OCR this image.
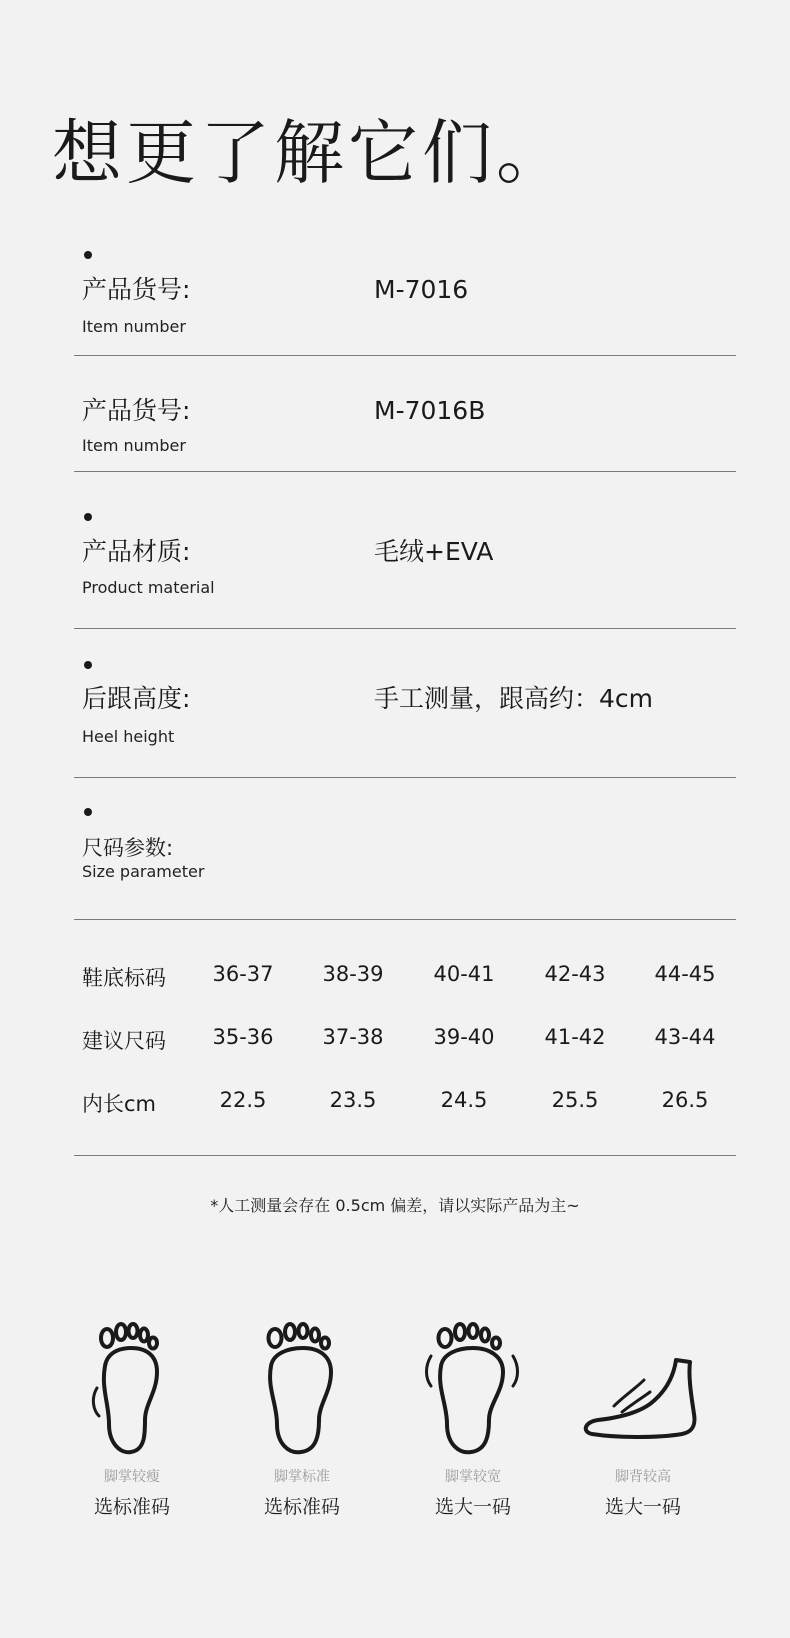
想更了解它们。
产品货号:	M-7016
Item number
产品货号:	M-7016B
Item number
产品材质:	毛绒+EVA
Product material
后跟高度:	手工测量，跟高约：4cm
Heel height
尺码参数:
Size parameter
鞋底标码	36-37	38-39	40-41	42-43	44-45
建议尺码	35-36	37-38	39-40	41-42	43-44
内长cm	22.5	23.5	24.5	25.5	26.5
*人工测量会存在 0.5cm 偏差，请以实际产品为主~
脚掌较瘦
选标准码
脚掌标准
选标准码
脚掌较宽
选大一码
脚背较高
选大一码
